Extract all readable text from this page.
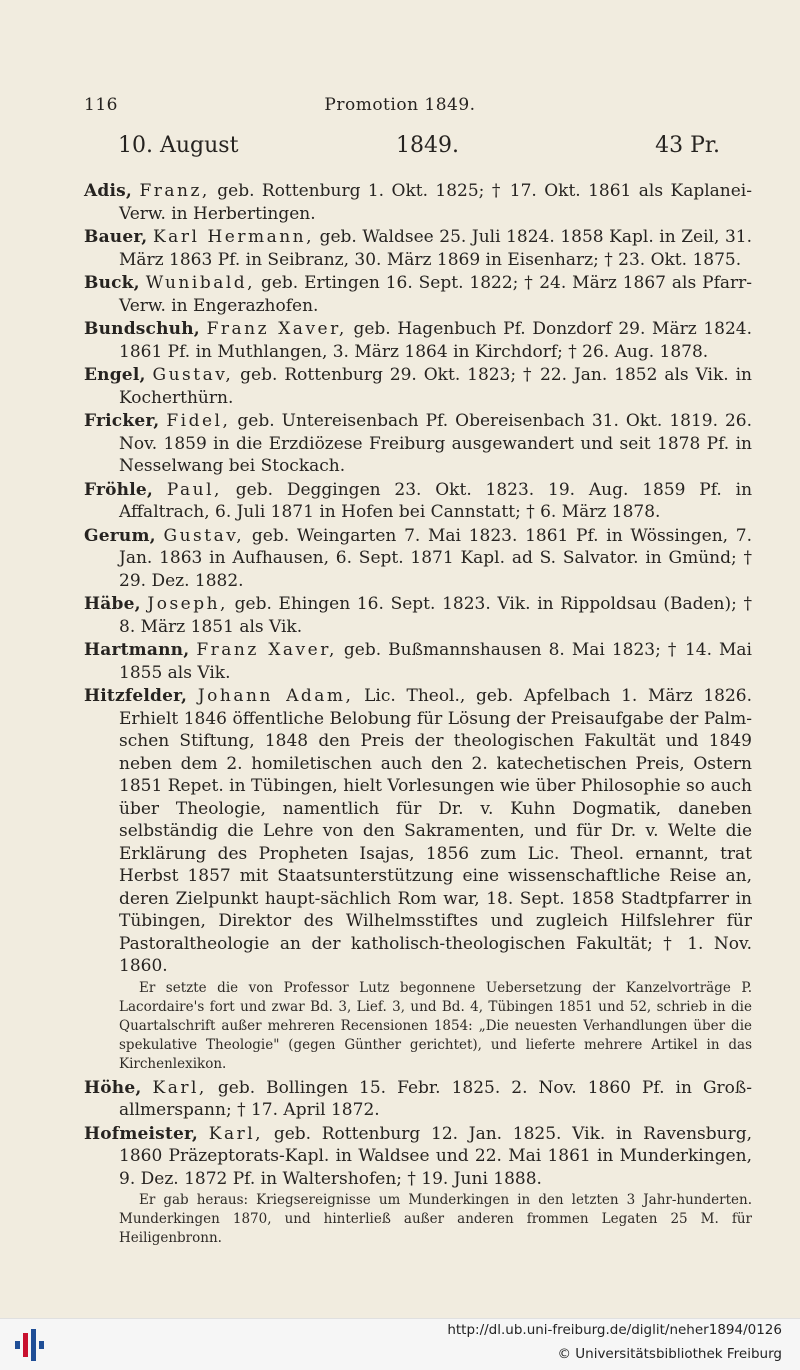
116	Promotion 1849.
10. August	1849.	43 Pr.
Adis, Franz, geb. Rottenburg 1. Okt. 1825; † 17. Okt. 1861 als Kaplanei-Verw. in Herbertingen.
Bauer, Karl Hermann, geb. Waldsee 25. Juli 1824. 1858 Kapl. in Zeil, 31. März 1863 Pf. in Seibranz, 30. März 1869 in Eisenharz; † 23. Okt. 1875.
Buck, Wunibald, geb. Ertingen 16. Sept. 1822; † 24. März 1867 als Pfarr-Verw. in Engerazhofen.
Bundschuh, Franz Xaver, geb. Hagenbuch Pf. Donzdorf 29. März 1824. 1861 Pf. in Muthlangen, 3. März 1864 in Kirchdorf; † 26. Aug. 1878.
Engel, Gustav, geb. Rottenburg 29. Okt. 1823; † 22. Jan. 1852 als Vik. in Kocherthürn.
Fricker, Fidel, geb. Untereisenbach Pf. Obereisenbach 31. Okt. 1819. 26. Nov. 1859 in die Erzdiözese Freiburg ausgewandert und seit 1878 Pf. in Nesselwang bei Stockach.
Fröhle, Paul, geb. Deggingen 23. Okt. 1823. 19. Aug. 1859 Pf. in Affaltrach, 6. Juli 1871 in Hofen bei Cannstatt; † 6. März 1878.
Gerum, Gustav, geb. Weingarten 7. Mai 1823. 1861 Pf. in Wössingen, 7. Jan. 1863 in Aufhausen, 6. Sept. 1871 Kapl. ad S. Salvator. in Gmünd; † 29. Dez. 1882.
Häbe, Joseph, geb. Ehingen 16. Sept. 1823. Vik. in Rippoldsau (Baden); † 8. März 1851 als Vik.
Hartmann, Franz Xaver, geb. Bußmannshausen 8. Mai 1823; † 14. Mai 1855 als Vik.
Hitzfelder, Johann Adam, Lic. Theol., geb. Apfelbach 1. März 1826. Erhielt 1846 öffentliche Belobung für Lösung der Preisaufgabe der Palm-schen Stiftung, 1848 den Preis der theologischen Fakultät und 1849 neben dem 2. homiletischen auch den 2. katechetischen Preis, Ostern 1851 Repet. in Tübingen, hielt Vorlesungen wie über Philosophie so auch über Theologie, namentlich für Dr. v. Kuhn Dogmatik, daneben selbständig die Lehre von den Sakramenten, und für Dr. v. Welte die Erklärung des Propheten Isajas, 1856 zum Lic. Theol. ernannt, trat Herbst 1857 mit Staatsunterstützung eine wissenschaftliche Reise an, deren Zielpunkt haupt-sächlich Rom war, 18. Sept. 1858 Stadtpfarrer in Tübingen, Direktor des Wilhelmsstiftes und zugleich Hilfslehrer für Pastoraltheologie an der katholisch-theologischen Fakultät; † 1. Nov. 1860.
Er setzte die von Professor Lutz begonnene Uebersetzung der Kanzelvorträge P. Lacordaire's fort und zwar Bd. 3, Lief. 3, und Bd. 4, Tübingen 1851 und 52, schrieb in die Quartalschrift außer mehreren Recensionen 1854: „Die neuesten Verhandlungen über die spekulative Theologie" (gegen Günther gerichtet), und lieferte mehrere Artikel in das Kirchenlexikon.
Höhe, Karl, geb. Bollingen 15. Febr. 1825. 2. Nov. 1860 Pf. in Groß-allmerspann; † 17. April 1872.
Hofmeister, Karl, geb. Rottenburg 12. Jan. 1825. Vik. in Ravensburg, 1860 Präzeptorats-Kapl. in Waldsee und 22. Mai 1861 in Munderkingen, 9. Dez. 1872 Pf. in Waltershofen; † 19. Juni 1888.
Er gab heraus: Kriegsereignisse um Munderkingen in den letzten 3 Jahr-hunderten. Munderkingen 1870, und hinterließ außer anderen frommen Legaten 25 M. für Heiligenbronn.
http://dl.ub.uni-freiburg.de/diglit/neher1894/0126
© Universitätsbibliothek Freiburg
